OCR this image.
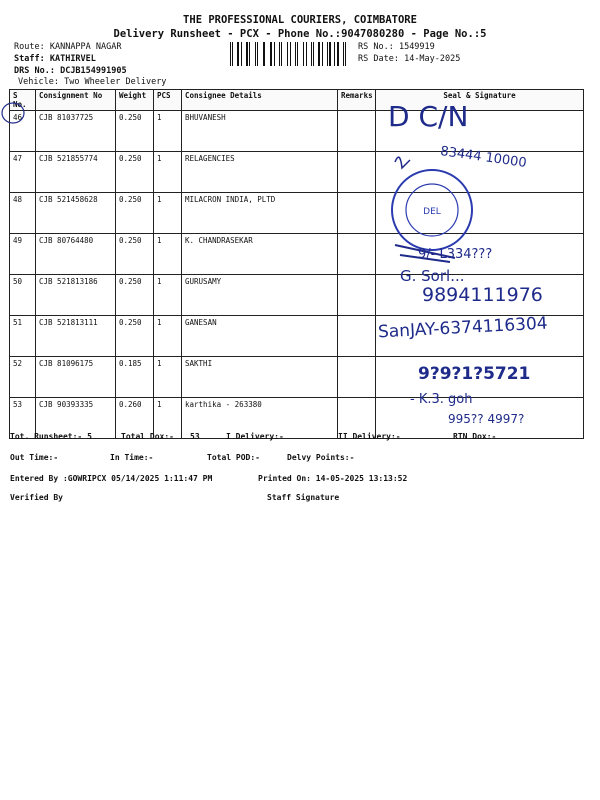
THE PROFESSIONAL COURIERS, COIMBATORE
Delivery Runsheet - PCX - Phone No.:9047080280 - Page No.:5
Route: KANNAPPA NAGAR
Staff: KATHIRVEL
DRS No.: DCJB154991905
Vehicle: Two Wheeler Delivery
RS No.: 1549919
RS Date: 14-May-2025
S No.	Consignment No	Weight	PCS	Consignee Details	Remarks	Seal & Signature
46	CJB 81037725	0.250	1	BHUVANESH		
47	CJB 521855774	0.250	1	RELAGENCIES		
48	CJB 521458628	0.250	1	MILACRON INDIA, PLTD		
49	CJB 80764480	0.250	1	K. CHANDRASEKAR		
50	CJB 521813186	0.250	1	GURUSAMY		
51	CJB 521813111	0.250	1	GANESAN		
52	CJB 81096175	0.185	1	SAKTHI		
53	CJB 90393335	0.260	1	karthika - 263380		
DEL
D C/N
83444 10000
9/- L334???
G. Sorl...
9894111976
SanJAY-6374116304
9?9?1?5721
- K.3. goh
995?? 4997?
Tot. Runsheet:- 5	Total Dox:- 53	I Delivery:-	II Delivery:-	RTN Dox:-
Out Time:-	In Time:-	Total POD:-	Delvy Points:-
Entered By :GOWRIPCX 05/14/2025 1:11:47 PM	Printed On: 14-05-2025 13:13:52
Verified By	Staff Signature
